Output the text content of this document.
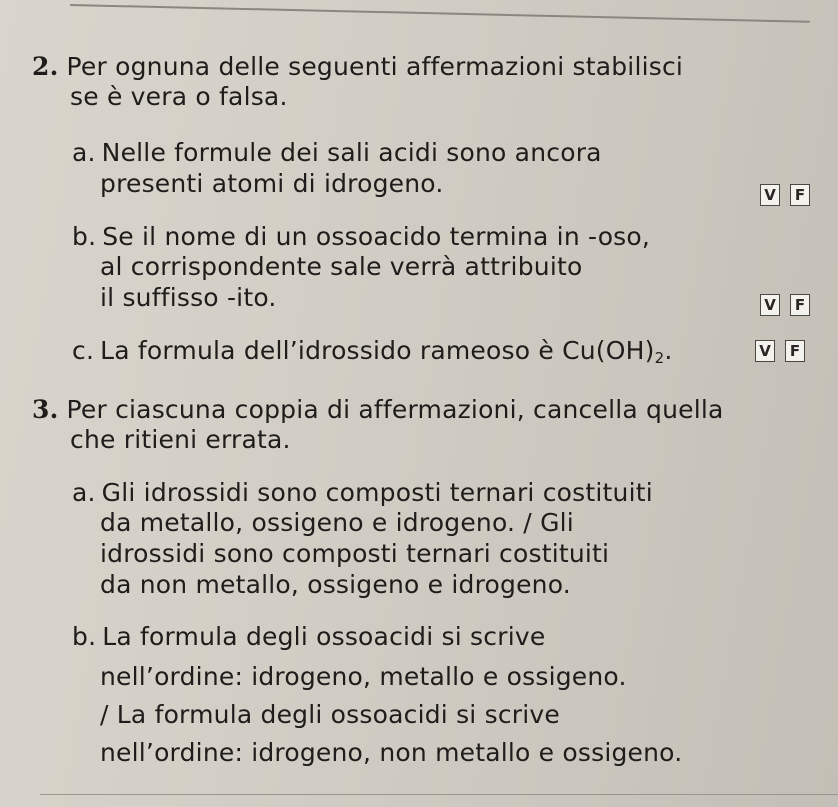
2. Per ognuna delle seguenti affermazioni stabilisci
se è vera o falsa.
a. Nelle formule dei sali acidi sono ancora
presenti atomi di idrogeno.	V	F
b. Se il nome di un ossoacido termina in -oso,
al corrispondente sale verrà attribuito
il suffisso -ito.	V	F
c. La formula dell’idrossido rameoso è $Cu(OH)_2$.	V	F
3. Per ciascuna coppia di affermazioni, cancella quella
che ritieni errata.
a. Gli idrossidi sono composti ternari costituiti
da metallo, ossigeno e idrogeno. / Gli
idrossidi sono composti ternari costituiti
da non metallo, ossigeno e idrogeno.
b. La formula degli ossoacidi si scrive
nell’ordine: idrogeno, metallo e ossigeno.
/ La formula degli ossoacidi si scrive
nell’ordine: idrogeno, non metallo e ossigeno.
